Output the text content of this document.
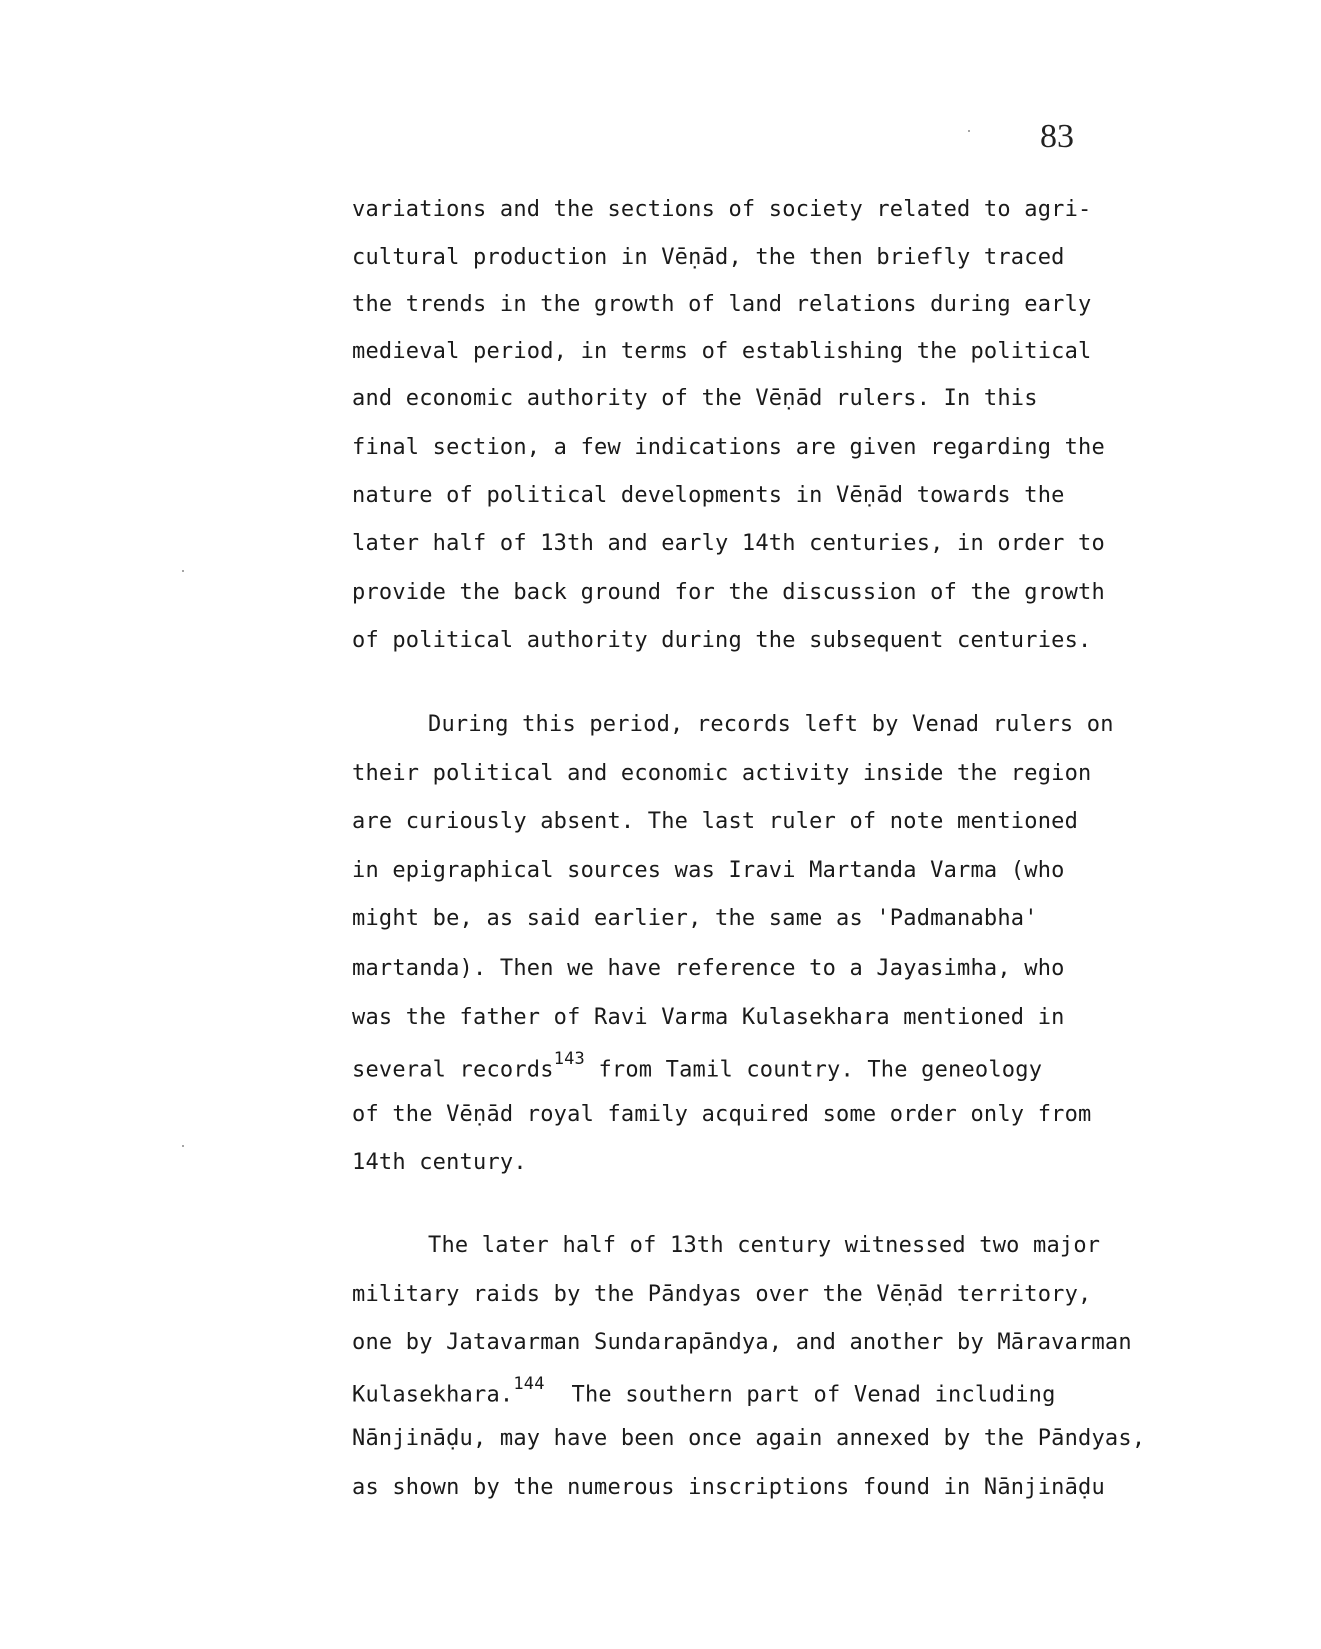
83
variations and the sections of society related to agri-
cultural production in Vēṇād, the then briefly traced
the trends in the growth of land relations during early
medieval period, in terms of establishing the political
and economic authority of the Vēṇād rulers. In this
final section, a few indications are given regarding the
nature of political developments in Vēṇād towards the
later half of 13th and early 14th centuries, in order to
provide the back ground for the discussion of the growth
of political authority during the subsequent centuries.
During this period, records left by Venad rulers on
their political and economic activity inside the region
are curiously absent. The last ruler of note mentioned
in epigraphical sources was Iravi Martanda Varma (who
might be, as said earlier, the same as 'Padmanabha'
martanda). Then we have reference to a Jayasimha, who
was the father of Ravi Varma Kulasekhara mentioned in
several records$^{143}$ from Tamil country. The geneology
of the Vēṇād royal family acquired some order only from
14th century.
The later half of 13th century witnessed two major
military raids by the Pāndyas over the Vēṇād territory,
one by Jatavarman Sundarapāndya, and another by Māravarman
Kulasekhara.$^{144}$  The southern part of Venad including
Nānjināḍu, may have been once again annexed by the Pāndyas,
as shown by the numerous inscriptions found in Nānjināḍu
